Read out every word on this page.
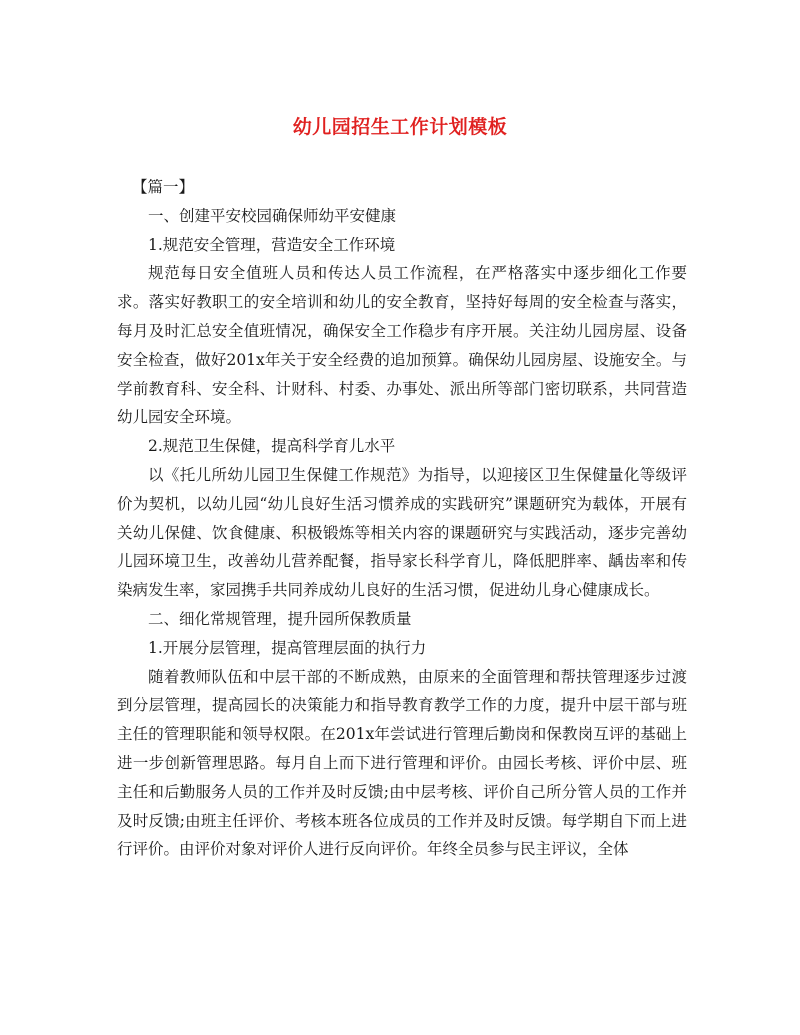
幼儿园招生工作计划模板

【篇一】

一、创建平安校园确保师幼平安健康

1.规范安全管理，营造安全工作环境

规范每日安全值班人员和传达人员工作流程，在严格落实中逐步细化工作要求。落实好教职工的安全培训和幼儿的安全教育，坚持好每周的安全检查与落实，每月及时汇总安全值班情况，确保安全工作稳步有序开展。关注幼儿园房屋、设备安全检查，做好201x年关于安全经费的追加预算。确保幼儿园房屋、设施安全。与学前教育科、安全科、计财科、村委、办事处、派出所等部门密切联系，共同营造幼儿园安全环境。

2.规范卫生保健，提高科学育儿水平

以《托儿所幼儿园卫生保健工作规范》为指导，以迎接区卫生保健量化等级评价为契机，以幼儿园“幼儿良好生活习惯养成的实践研究”课题研究为载体，开展有关幼儿保健、饮食健康、积极锻炼等相关内容的课题研究与实践活动，逐步完善幼儿园环境卫生，改善幼儿营养配餐，指导家长科学育儿，降低肥胖率、龋齿率和传染病发生率，家园携手共同养成幼儿良好的生活习惯，促进幼儿身心健康成长。

二、细化常规管理，提升园所保教质量

1.开展分层管理，提高管理层面的执行力

随着教师队伍和中层干部的不断成熟，由原来的全面管理和帮扶管理逐步过渡到分层管理，提高园长的决策能力和指导教育教学工作的力度，提升中层干部与班主任的管理职能和领导权限。在201x年尝试进行管理后勤岗和保教岗互评的基础上进一步创新管理思路。每月自上而下进行管理和评价。由园长考核、评价中层、班主任和后勤服务人员的工作并及时反馈;由中层考核、评价自己所分管人员的工作并及时反馈;由班主任评价、考核本班各位成员的工作并及时反馈。每学期自下而上进行评价。由评价对象对评价人进行反向评价。年终全员参与民主评议，全体
